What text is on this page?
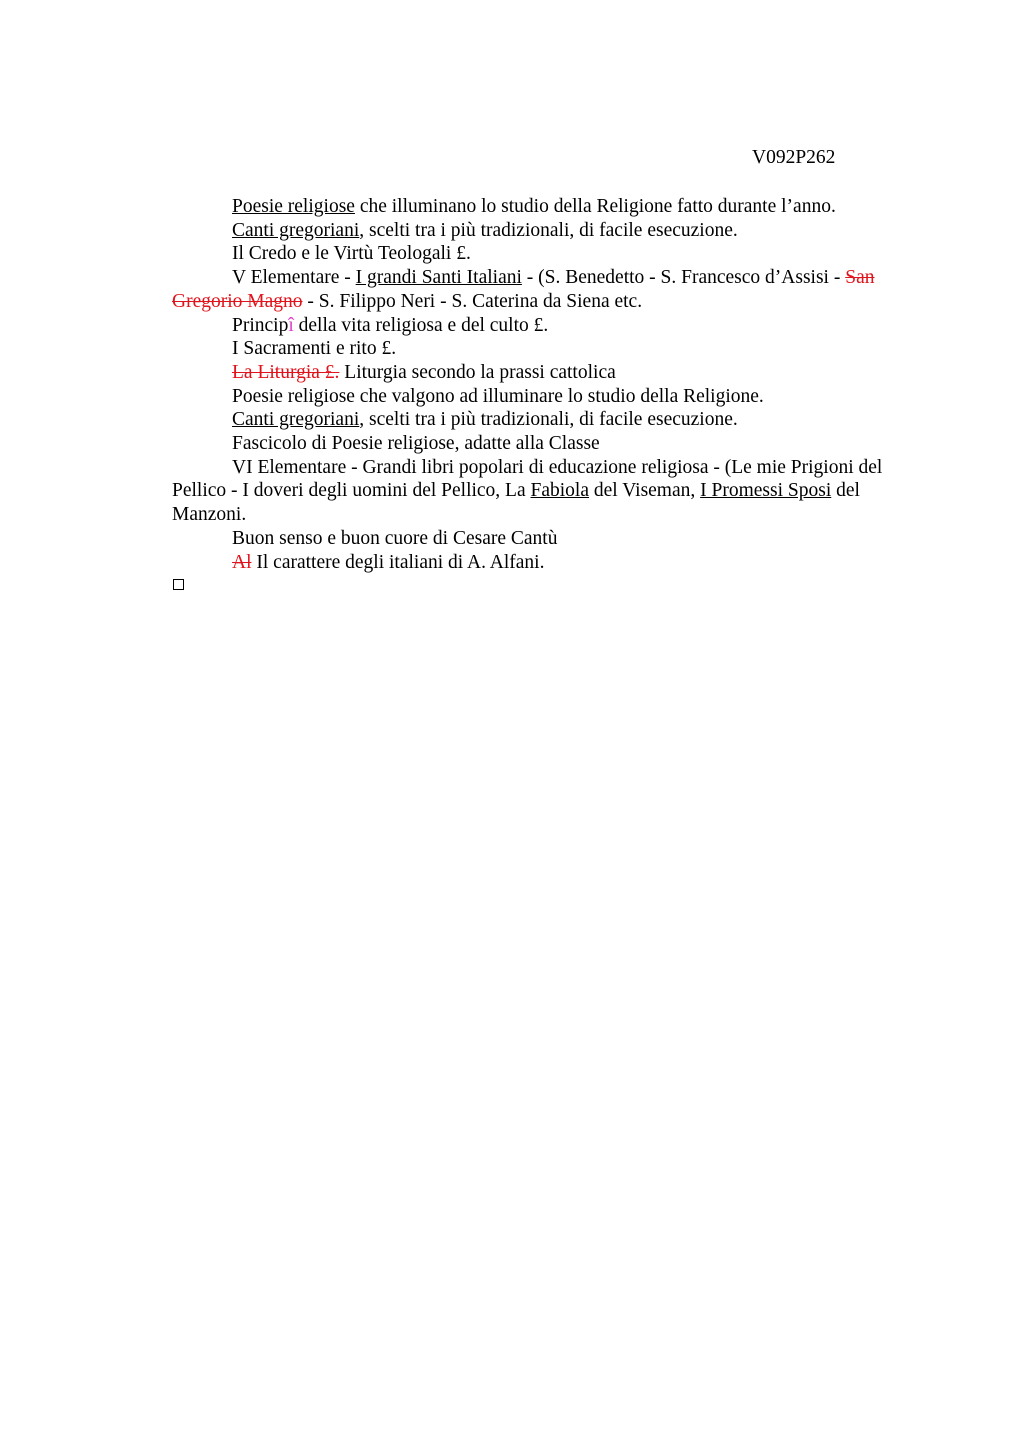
V092P262

Poesie religiose che illuminano lo studio della Religione fatto durante l’anno.

Canti gregoriani, scelti tra i più tradizionali, di facile esecuzione.

Il Credo e le Virtù Teologali £.

V Elementare - I grandi Santi Italiani - (S. Benedetto - S. Francesco d’Assisi - San Gregorio Magno - S. Filippo Neri - S. Caterina da Siena etc.

Principî della vita religiosa e del culto £.

I Sacramenti e rito £.

La Liturgia £. Liturgia secondo la prassi cattolica

Poesie religiose che valgono ad illuminare lo studio della Religione.

Canti gregoriani, scelti tra i più tradizionali, di facile esecuzione.

Fascicolo di Poesie religiose, adatte alla Classe

VI Elementare - Grandi libri popolari di educazione religiosa - (Le mie Prigioni del Pellico - I doveri degli uomini del Pellico, La Fabiola del Viseman, I Promessi Sposi del Manzoni.

Buon senso e buon cuore di Cesare Cantù

Al Il carattere degli italiani di A. Alfani.
